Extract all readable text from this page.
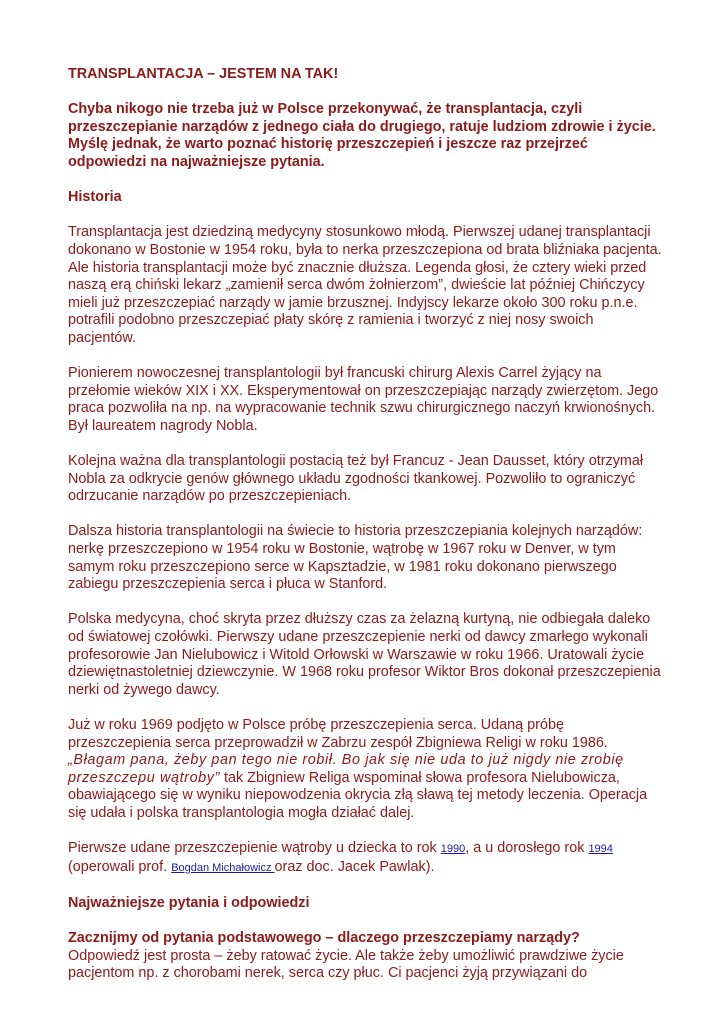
TRANSPLANTACJA – JESTEM NA TAK!

Chyba nikogo nie trzeba już w Polsce przekonywać, że transplantacja, czyli przeszczepianie narządów z jednego ciała do drugiego, ratuje ludziom zdrowie i życie. Myślę jednak, że warto poznać historię przeszczepień i jeszcze raz przejrzeć odpowiedzi na najważniejsze pytania.

Historia

Transplantacja jest dziedziną medycyny stosunkowo młodą. Pierwszej udanej transplantacji dokonano w Bostonie w 1954 roku, była to nerka przeszczepiona od brata bliźniaka pacjenta. Ale historia transplantacji może być znacznie dłuższa. Legenda głosi, że cztery wieki przed naszą erą chiński lekarz „zamienił serca dwóm żołnierzom”, dwieście lat później Chińczycy mieli już przeszczepiać narządy w jamie brzusznej. Indyjscy lekarze około 300 roku p.n.e. potrafili podobno przeszczepiać płaty skórę z ramienia i tworzyć z niej nosy swoich pacjentów.

Pionierem nowoczesnej transplantologii był francuski chirurg Alexis Carrel żyjący na przełomie wieków XIX i XX. Eksperymentował on przeszczepiając narządy zwierzętom. Jego praca pozwoliła na np. na wypracowanie technik szwu chirurgicznego naczyń krwionośnych. Był laureatem nagrody Nobla.

Kolejna ważna dla transplantologii postacią też był Francuz - Jean Dausset, który otrzymał Nobla za odkrycie genów głównego układu zgodności tkankowej. Pozwoliło to ograniczyć odrzucanie narządów po przeszczepieniach.

Dalsza historia transplantologii na świecie to historia przeszczepiania kolejnych narządów: nerkę przeszczepiono w 1954 roku w Bostonie, wątrobę w 1967 roku w Denver, w tym samym roku przeszczepiono serce w Kapsztadzie, w 1981 roku dokonano pierwszego zabiegu przeszczepienia serca i płuca w Stanford.

Polska medycyna, choć skryta przez dłuższy czas za żelazną kurtyną, nie odbiegała daleko od światowej czołówki. Pierwszy udane przeszczepienie nerki od dawcy zmarłego wykonali profesorowie Jan Nielubowicz i Witold Orłowski w Warszawie w roku 1966. Uratowali życie dziewiętnastoletniej dziewczynie. W 1968 roku profesor Wiktor Bros dokonał przeszczepienia nerki od żywego dawcy.

Już w roku 1969 podjęto w Polsce próbę przeszczepienia serca. Udaną próbę przeszczepienia serca przeprowadził w Zabrzu zespół Zbigniewa Religi w roku 1986. „Błagam pana, żeby pan tego nie robił. Bo jak się nie uda to już nigdy nie zrobię przeszczepu wątroby” tak Zbigniew Religa wspominał słowa profesora Nielubowicza, obawiającego się w wyniku niepowodzenia okrycia złą sławą tej metody leczenia. Operacja się udała i polska transplantologia mogła działać dalej.

Pierwsze udane przeszczepienie wątroby u dziecka to rok 1990, a u dorosłego rok 1994 (operowali prof. Bogdan Michałowicz oraz doc. Jacek Pawlak).

Najważniejsze pytania i odpowiedzi

Zacznijmy od pytania podstawowego – dlaczego przeszczepiamy narządy?

Odpowiedź jest prosta – żeby ratować życie. Ale także żeby umożliwić prawdziwe życie pacjentom np. z chorobami nerek, serca czy płuc. Ci pacjenci żyją przywiązani do
